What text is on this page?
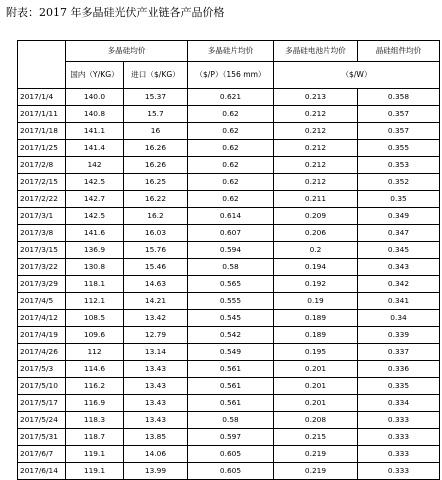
附表：2017 年多晶硅光伏产业链各产品价格
	多晶硅均价		多晶硅片均价	多晶硅电池片均价	晶硅组件均价
	国内（Y/KG）	进口（$/KG）	（$/P）（156 mm）	（$/W）	
2017/1/4	140.0	15.37	0.621	0.213	0.358
2017/1/11	140.8	15.7	0.62	0.212	0.357
2017/1/18	141.1	16	0.62	0.212	0.357
2017/1/25	141.4	16.26	0.62	0.212	0.355
2017/2/8	142	16.26	0.62	0.212	0.353
2017/2/15	142.5	16.25	0.62	0.212	0.352
2017/2/22	142.7	16.22	0.62	0.211	0.35
2017/3/1	142.5	16.2	0.614	0.209	0.349
2017/3/8	141.6	16.03	0.607	0.206	0.347
2017/3/15	136.9	15.76	0.594	0.2	0.345
2017/3/22	130.8	15.46	0.58	0.194	0.343
2017/3/29	118.1	14.63	0.565	0.192	0.342
2017/4/5	112.1	14.21	0.555	0.19	0.341
2017/4/12	108.5	13.42	0.545	0.189	0.34
2017/4/19	109.6	12.79	0.542	0.189	0.339
2017/4/26	112	13.14	0.549	0.195	0.337
2017/5/3	114.6	13.43	0.561	0.201	0.336
2017/5/10	116.2	13.43	0.561	0.201	0.335
2017/5/17	116.9	13.43	0.561	0.201	0.334
2017/5/24	118.3	13.43	0.58	0.208	0.333
2017/5/31	118.7	13.85	0.597	0.215	0.333
2017/6/7	119.1	14.06	0.605	0.219	0.333
2017/6/14	119.1	13.99	0.605	0.219	0.333
